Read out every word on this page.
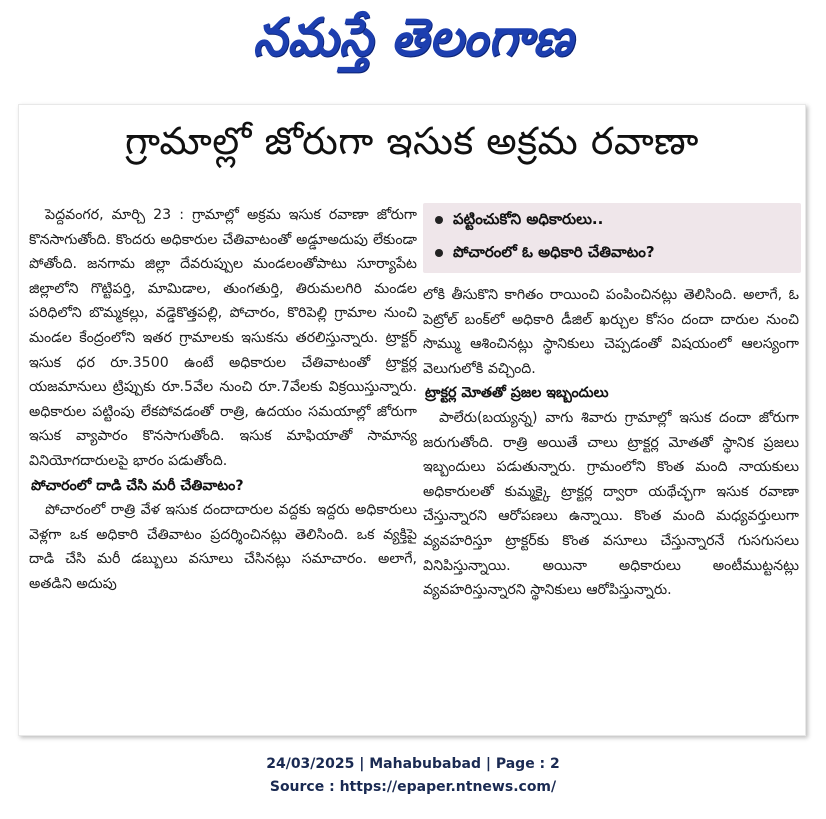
నమస్తే తెలంగాణ
గ్రామాల్లో జోరుగా ఇసుక అక్రమ రవాణా

పెద్దవంగర, మార్చి 23 : గ్రామాల్లో అక్రమ ఇసుక రవాణా జోరుగా కొనసాగుతోంది. కొందరు అధికారుల చేతివాటంతో అడ్డూఅదుపు లేకుండా పోతోంది. జనగామ జిల్లా దేవరుప్పుల మండలంతోపాటు సూర్యాపేట జిల్లాలోని గొట్టిపర్తి, మామిడాల, తుంగతుర్తి, తిరుమలగిరి మండల పరిధిలోని బొమ్మకల్లు, వడ్డెకొత్తపల్లి, పోచారం, కొరిపెల్లి గ్రామాల నుంచి మండల కేంద్రంలోని ఇతర గ్రామాలకు ఇసుకను తరలిస్తున్నారు. ట్రాక్టర్ ఇసుక ధర రూ.3500 ఉంటే అధికారుల చేతివాటంతో ట్రాక్టర్ల యజమానులు ట్రిప్పుకు రూ.5వేల నుంచి రూ.7వేలకు విక్రయిస్తున్నారు. అధికారుల పట్టింపు లేకపోవడంతో రాత్రి, ఉదయం సమయాల్లో జోరుగా ఇసుక వ్యాపారం కొనసాగుతోంది. ఇసుక మాఫియాతో సామాన్య వినియోగదారులపై భారం పడుతోంది.

పోచారంలో దాడి చేసి మరీ చేతివాటం?

పోచారంలో రాత్రి వేళ ఇసుక దందాదారుల వద్దకు ఇద్దరు అధికారులు వెళ్లగా ఒక అధికారి చేతివాటం ప్రదర్శించినట్లు తెలిసింది. ఒక వ్యక్తిపై దాడి చేసి మరీ డబ్బులు వసూలు చేసినట్లు సమాచారం. అలాగే, అతడిని అదుపు

పట్టించుకోని అధికారులు..
పోచారంలో ఓ అధికారి చేతివాటం?

లోకి తీసుకొని కాగితం రాయించి పంపించినట్లు తెలిసింది. అలాగే, ఓ పెట్రోల్ బంక్‌లో అధికారి డీజిల్ ఖర్చుల కోసం దందా దారుల నుంచి సొమ్ము ఆశించినట్లు స్థానికులు చెప్పడంతో విషయంలో ఆలస్యంగా వెలుగులోకి వచ్చింది.

ట్రాక్టర్ల మోతతో ప్రజల ఇబ్బందులు

పాలేరు(బయ్యన్న) వాగు శివారు గ్రామాల్లో ఇసుక దందా జోరుగా జరుగుతోంది. రాత్రి అయితే చాలు ట్రాక్టర్ల మోతతో స్థానిక ప్రజలు ఇబ్బందులు పడుతున్నారు. గ్రామంలోని కొంత మంది నాయకులు అధికారులతో కుమ్మక్కై ట్రాక్టర్ల ద్వారా యథేచ్ఛగా ఇసుక రవాణా చేస్తున్నారని ఆరోపణలు ఉన్నాయి. కొంత మంది మధ్యవర్తులుగా వ్యవహరిస్తూ ట్రాక్టర్‌కు కొంత వసూలు చేస్తున్నారనే గుసగుసలు వినిపిస్తున్నాయి. అయినా అధికారులు అంటీముట్టనట్లు వ్యవహరిస్తున్నారని స్థానికులు ఆరోపిస్తున్నారు.

24/03/2025 | Mahabubabad | Page : 2
Source : https://epaper.ntnews.com/
